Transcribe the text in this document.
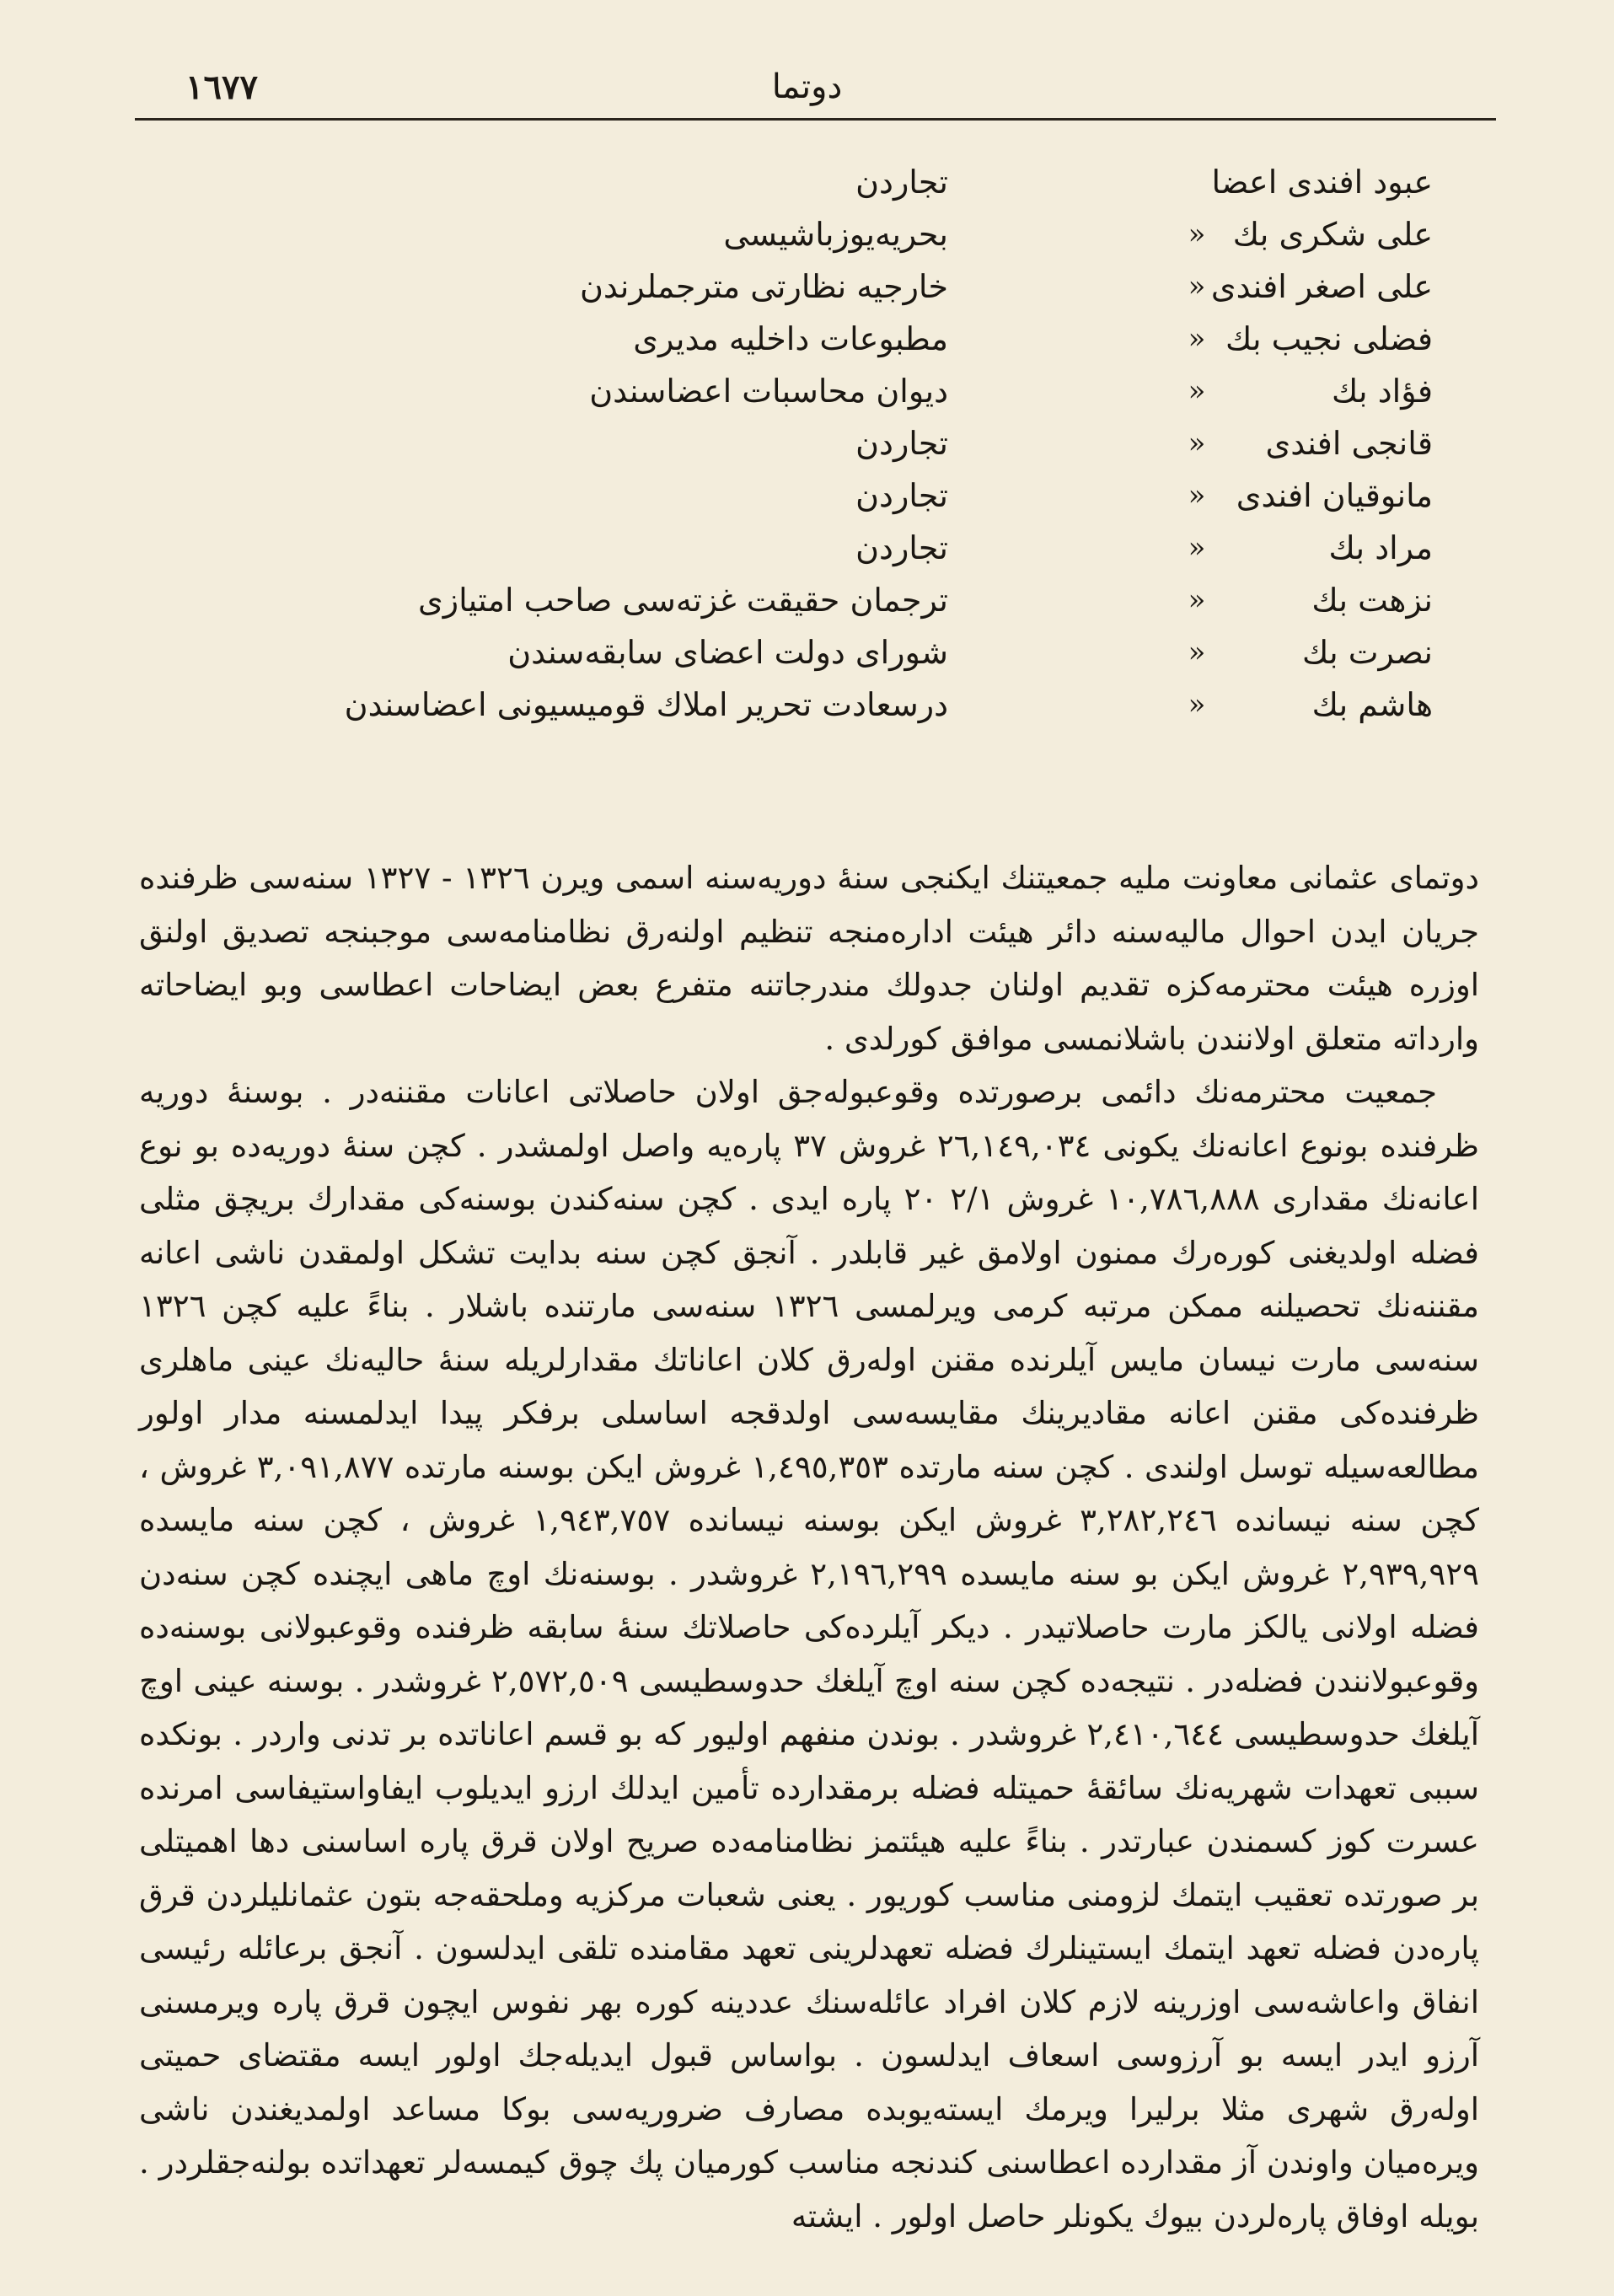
١٦٧٧	دوتما
عبود افندی اعضا
تجاردن
علی شکری بك
«
بحریه‌یوزباشیسی
علی اصغر افندی
«
خارجیه نظارتی مترجملرندن
فضلی نجیب بك
«
مطبوعات داخلیه مدیری
فؤاد بك
«
دیوان محاسبات اعضاسندن
قانجی افندی
«
تجاردن
مانوقیان افندی
«
تجاردن
مراد بك
«
تجاردن
نزهت بك
«
ترجمان حقیقت غزته‌سی صاحب امتیازی
نصرت بك
«
شورای دولت اعضای سابقه‌سندن
هاشم بك
«
درسعادت تحریر املاك قومیسیونی اعضاسندن

دوتمای عثمانی معاونت ملیه جمعیتنك ایكنجی سنهٔ دوریه‌سنه اسمی ویرن ١٣٢٦ - ١٣٢٧ سنه‌سی ظرفنده جریان ایدن احوال مالیه‌سنه دائر هیئت اداره‌منجه تنظیم اولنه‌رق نظامنامه‌سی موجبنجه تصدیق اولنق اوزره هیئت محترمه‌كزه تقدیم اولنان جدولك مندرجاتنه متفرع بعض ایضاحات اعطاسی وبو ایضاحاته وارداته متعلق اولانندن باشلانمسی موافق كورلدی .

جمعیت محترمه‌نك دائمی برصورتده وقوعبوله‌جق اولان حاصلاتی اعانات مقننه‌در . بوسنهٔ دوریه ظرفنده بونوع اعانه‌نك یكونی ٢٦,١٤٩,٠٣٤ غروش ٣٧ پاره‌یه واصل اولمشدر . كچن سنهٔ دوریه‌ده بو نوع اعانه‌نك مقداری ١٠,٧٨٦,٨٨٨ غروش ٢/١ ٢٠ پاره ایدی . كچن سنه‌كندن بوسنه‌كی مقدارك بریچق مثلی فضله اولدیغنی كوره‌رك ممنون اولامق غیر قابلدر . آنجق كچن سنه بدایت تشكل اولمقدن ناشی اعانه مقننه‌نك تحصیلنه ممكن مرتبه كرمی ویرلمسی ١٣٢٦ سنه‌سی مارتنده باشلار . بناءً علیه كچن ١٣٢٦ سنه‌سی مارت نیسان مایس آیلرنده مقنن اوله‌رق كلان اعاناتك مقدارلریله سنهٔ حالیه‌نك عینی ماهلری ظرفنده‌كی مقنن اعانه مقادیرینك مقایسه‌سی اولدقجه اساسلی برفكر پیدا ایدلمسنه مدار اولور مطالعه‌سیله توسل اولندی . كچن سنه مارتده ١,٤٩٥,٣٥٣ غروش ایكن بوسنه مارتده ٣,٠٩١,٨٧٧ غروش ، كچن سنه نیسانده ٣,٢٨٢,٢٤٦ غروش ایكن بوسنه نیسانده ١,٩٤٣,٧٥٧ غروش ، كچن سنه مایسده ٢,٩٣٩,٩٢٩ غروش ایكن بو سنه مایسده ٢,١٩٦,٢٩٩ غروشدر . بوسنه‌نك اوچ ماهی ایچنده كچن سنه‌دن فضله اولانی یالكز مارت حاصلاتیدر . دیكر آیلرده‌كی حاصلاتك سنهٔ سابقه ظرفنده وقوعبولانی بوسنه‌ده وقوعبولانندن فضله‌در . نتیجه‌ده كچن سنه اوچ آیلغك حدوسطیسی ٢,٥٧٢,٥٠٩ غروشدر . بوسنه عینی اوچ آیلغك حدوسطیسی ٢,٤١٠,٦٤٤ غروشدر . بوندن منفهم اولیور كه بو قسم اعاناتده بر تدنی واردر . بونكده سببی تعهدات شهریه‌نك سائقهٔ حمیتله فضله برمقدارده تأمین ایدلك ارزو ایدیلوب ایفاواستیفاسی امرنده عسرت كوز كسمندن عبارتدر . بناءً علیه هیئتمز نظامنامه‌ده صریح اولان قرق پاره اساسنی دها اهمیتلی بر صورتده تعقیب ایتمك لزومنی مناسب كوریور . یعنی شعبات مركزیه وملحقه‌جه بتون عثمانلیلردن قرق پاره‌دن فضله تعهد ایتمك ایستینلرك فضله تعهدلرینی تعهد مقامنده تلقی ایدلسون . آنجق برعائله رئیسی انفاق واعاشه‌سی اوزرینه لازم كلان افراد عائله‌سنك عددینه كوره بهر نفوس ایچون قرق پاره ویرمسنی آرزو ایدر ایسه بو آرزوسی اسعاف ایدلسون . بواساس قبول ایدیله‌جك اولور ایسه مقتضای حمیتی اوله‌رق شهری مثلا برلیرا ویرمك ایسته‌یوبده مصارف ضروریه‌سی بوكا مساعد اولمدیغندن ناشی ویره‌میان واوندن آز مقدارده اعطاسنی كندنجه مناسب كورمیان پك چوق كیمسه‌لر تعهداتده بولنه‌جقلردر . بویله اوفاق پاره‌لردن بیوك یكونلر حاصل اولور . ایشته
